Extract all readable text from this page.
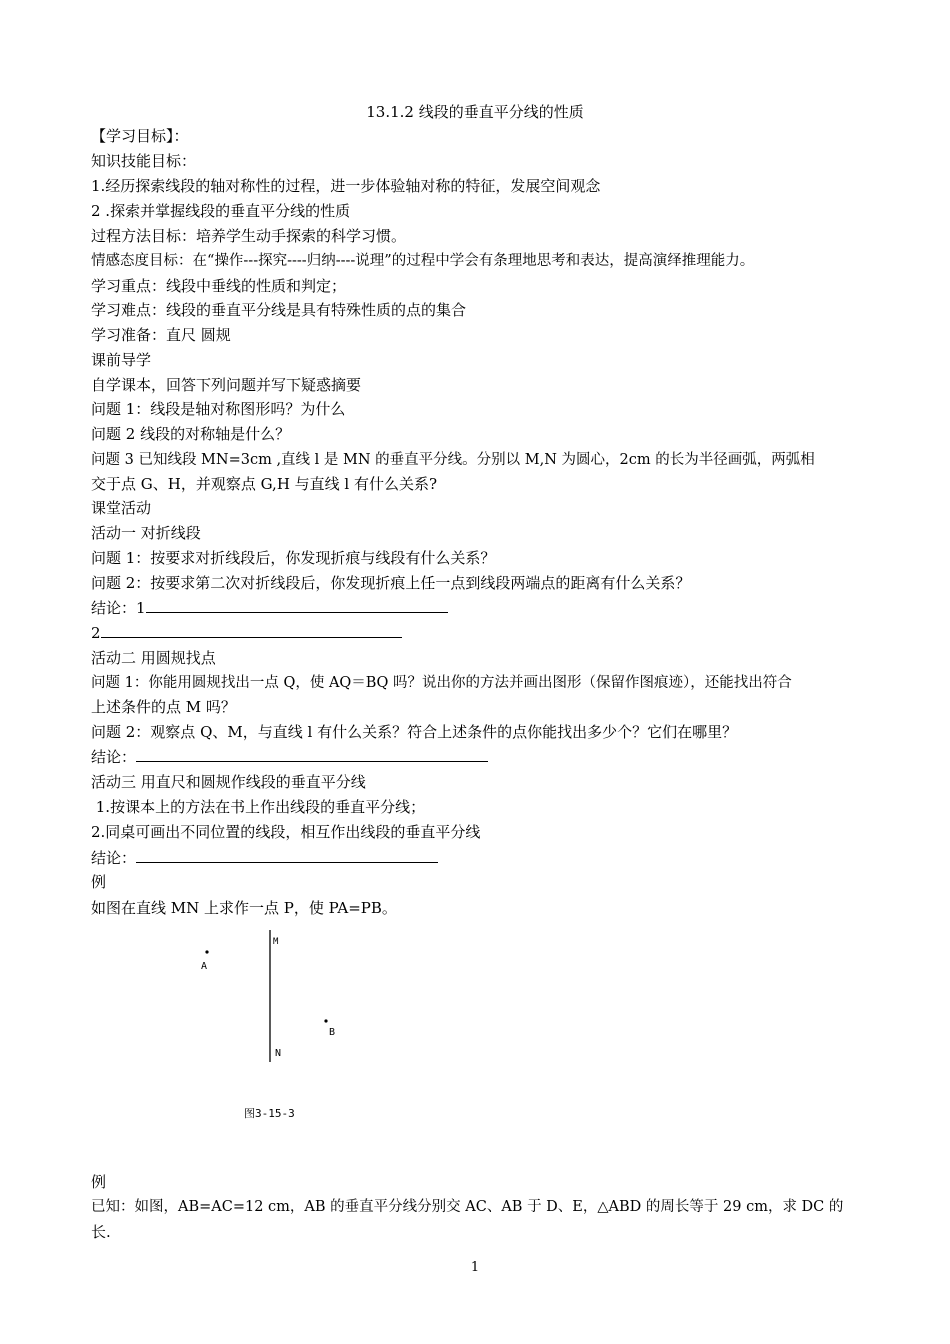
13.1.2 线段的垂直平分线的性质
【学习目标】：
知识技能目标：
1.经历探索线段的轴对称性的过程，进一步体验轴对称的特征，发展空间观念
2 .探索并掌握线段的垂直平分线的性质
过程方法目标：培养学生动手探索的科学习惯。
情感态度目标：在“操作---探究----归纳----说理”的过程中学会有条理地思考和表达，提高演绎推理能力。
学习重点：线段中垂线的性质和判定；
学习难点：线段的垂直平分线是具有特殊性质的点的集合
学习准备：直尺 圆规
课前导学
自学课本，回答下列问题并写下疑惑摘要
问题 1：线段是轴对称图形吗？为什么
问题 2 线段的对称轴是什么？
问题 3 已知线段 MN=3cm ,直线 l 是 MN 的垂直平分线。分别以 M,N 为圆心，2cm 的长为半径画弧，两弧相
交于点 G、H，并观察点 G,H 与直线 l 有什么关系?
课堂活动
活动一 对折线段
问题 1：按要求对折线段后，你发现折痕与线段有什么关系？
问题 2：按要求第二次对折线段后，你发现折痕上任一点到线段两端点的距离有什么关系？
结论：1
2
活动二 用圆规找点
问题 1：你能用圆规找出一点 Q，使 AQ＝BQ 吗？说出你的方法并画出图形（保留作图痕迹），还能找出符合
上述条件的点 M 吗？
问题 2：观察点 Q、M，与直线 l 有什么关系？符合上述条件的点你能找出多少个？它们在哪里？
结论：
活动三 用直尺和圆规作线段的垂直平分线
1.按课本上的方法在书上作出线段的垂直平分线；
2.同桌可画出不同位置的线段，相互作出线段的垂直平分线
结论：
例
如图在直线 MN 上求作一点 P，使 PA=PB。
M
N
A
B
图3-15-3
例
已知：如图，AB=AC=12 cm，AB 的垂直平分线分别交 AC、AB 于 D、E，△ABD 的周长等于 29 cm，求 DC 的
长.
1
